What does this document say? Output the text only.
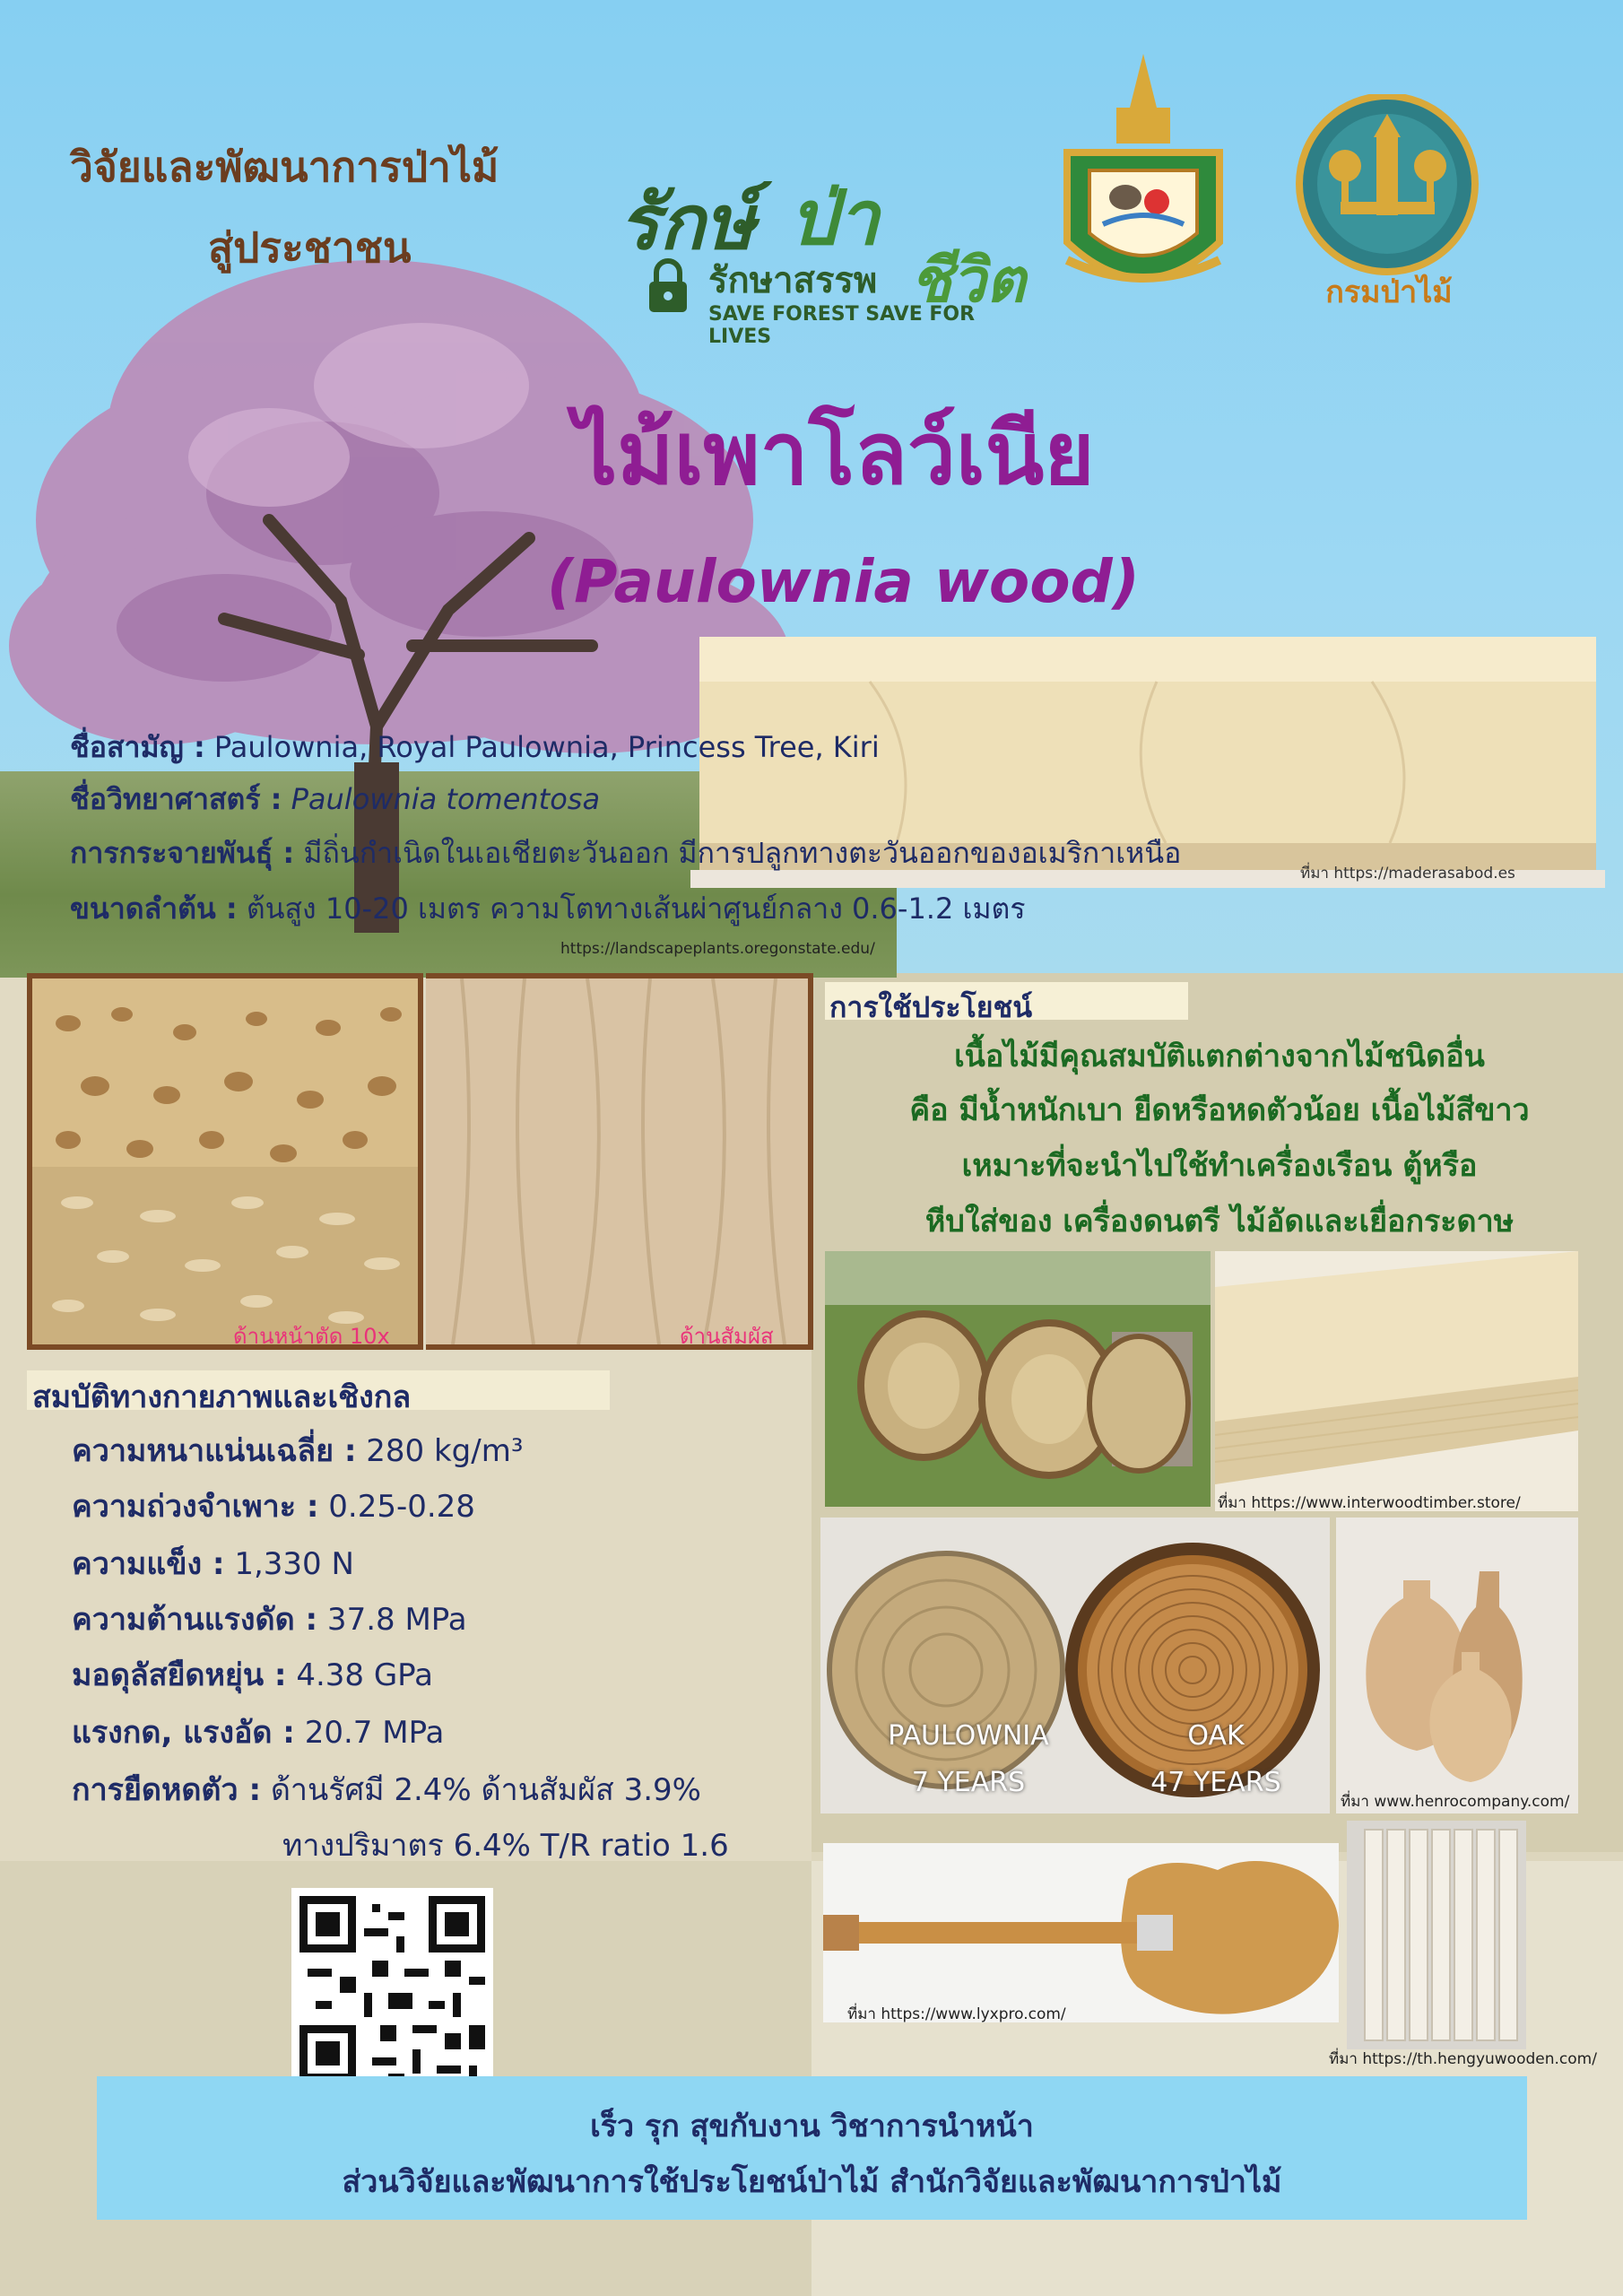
วิจัยและพัฒนาการป่าไม้
สู่ประชาชน	รักษ์ ป่า
รักษาสรรพ ชีวิต
SAVE FOREST SAVE FOR LIVES
กรมป่าไม้
ไม้เพาโลว์เนีย
(Paulownia wood)
ที่มา https://maderasabod.es
ชื่อสามัญ : Paulownia, Royal Paulownia, Princess Tree, Kiri
ชื่อวิทยาศาสตร์ : Paulownia tomentosa
การกระจายพันธุ์ : มีถิ่นกำเนิดในเอเชียตะวันออก มีการปลูกทางตะวันออกของอเมริกาเหนือ
ขนาดลำต้น : ต้นสูง 10-20 เมตร ความโตทางเส้นผ่าศูนย์กลาง 0.6-1.2 เมตร
https://landscapeplants.oregonstate.edu/
ด้านหน้าตัด 10x	ด้านสัมผัส
การใช้ประโยชน์
เนื้อไม้มีคุณสมบัติแตกต่างจากไม้ชนิดอื่น
คือ มีน้ำหนักเบา ยืดหรือหดตัวน้อย เนื้อไม้สีขาว
เหมาะที่จะนำไปใช้ทำเครื่องเรือน ตู้หรือ
หีบใส่ของ เครื่องดนตรี ไม้อัดและเยื่อกระดาษ
สมบัติทางกายภาพและเชิงกล
ความหนาแน่นเฉลี่ย : 280 kg/m³
ความถ่วงจำเพาะ : 0.25-0.28
ความแข็ง : 1,330 N
ความต้านแรงดัด : 37.8 MPa
มอดุลัสยืดหยุ่น : 4.38 GPa
แรงกด, แรงอัด : 20.7 MPa
การยืดหดตัว : ด้านรัศมี 2.4% ด้านสัมผัส 3.9%
ทางปริมาตร 6.4% T/R ratio 1.6
ที่มา https://www.interwoodtimber.store/
PAULOWNIA
7 YEARS
OAK
47 YEARS
ที่มา www.henrocompany.com/
ที่มา https://www.lyxpro.com/
ที่มา https://th.hengyuwooden.com/
เร็ว รุก สุขกับงาน วิชาการนำหน้า
ส่วนวิจัยและพัฒนาการใช้ประโยชน์ป่าไม้ สำนักวิจัยและพัฒนาการป่าไม้
